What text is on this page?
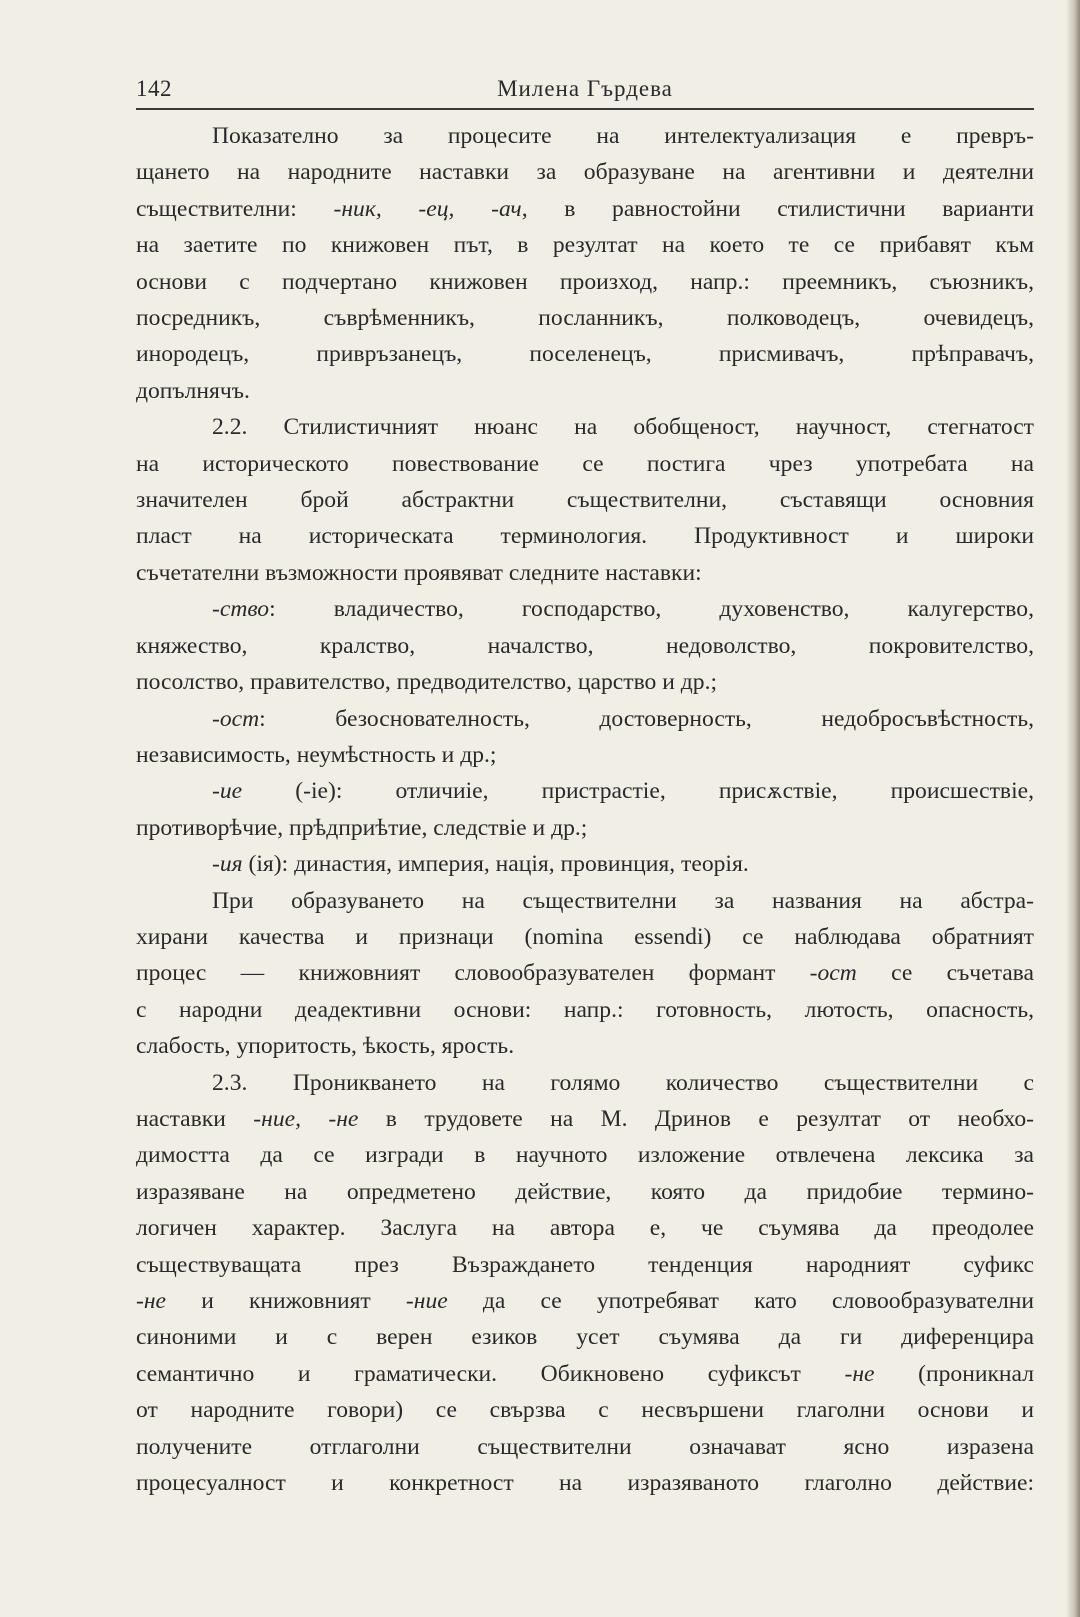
142	Милена Гърдева
Показателно за процесите на интелектуализация е превръ-
щането на народните наставки за образуване на агентивни и деятелни
съществителни: -ник, -ец, -ач, в равностойни стилистични варианти
на заетите по книжовен път, в резултат на което те се прибавят към
основи с подчертано книжовен произход, напр.: преемникъ, съюзникъ,
посредникъ, съврѣменникъ, посланникъ, полководецъ, очевидецъ,
инородецъ, привръзанецъ, поселенецъ, присмивачъ, прѣправачъ,
допълнячъ.
2.2. Стилистичният нюанс на обобщеност, научност, стегнатост
на историческото повествование се постига чрез употребата на
значителен брой абстрактни съществителни, съставящи основния
пласт на историческата терминология. Продуктивност и широки
съчетателни възможности проявяват следните наставки:
-ство: владичество, господарство, духовенство, калугерство,
княжество, кралство, началство, недоволство, покровителство,
посолство, правителство, предводителство, царство и др.;
-ост: безоснователность, достоверность, недобросъвѣстность,
независимость, неумѣстность и др.;
-ие (-іе): отличиіе, пристрастіе, присѫствіе, происшествіе,
противорѣчие, прѣдприѣтие, следствіе и др.;
-ия (ія): династия, империя, нація, провинция, теорія.
При образуването на съществителни за названия на абстра-
хирани качества и признаци (nomina essendi) се наблюдава обратният
процес — книжовният словообразувателен формант -ост се съчетава
с народни деадективни основи: напр.: готовность, лютость, опасность,
слабость, упоритость, ѣкость, ярость.
2.3. Проникването на голямо количество съществителни с
наставки -ние, -не в трудовете на М. Дринов е резултат от необхо-
димостта да се изгради в научното изложение отвлечена лексика за
изразяване на опредметено действие, която да придобие термино-
логичен характер. Заслуга на автора е, че съумява да преодолее
съществуващата през Възраждането тенденция народният суфикс
-не и книжовният -ние да се употребяват като словообразувателни
синоними и с верен езиков усет съумява да ги диференцира
семантично и граматически. Обикновено суфиксът -не (проникнал
от народните говори) се свързва с несвършени глаголни основи и
получените отглаголни съществителни означават ясно изразена
процесуалност и конкретност на изразяваното глаголно действие:
